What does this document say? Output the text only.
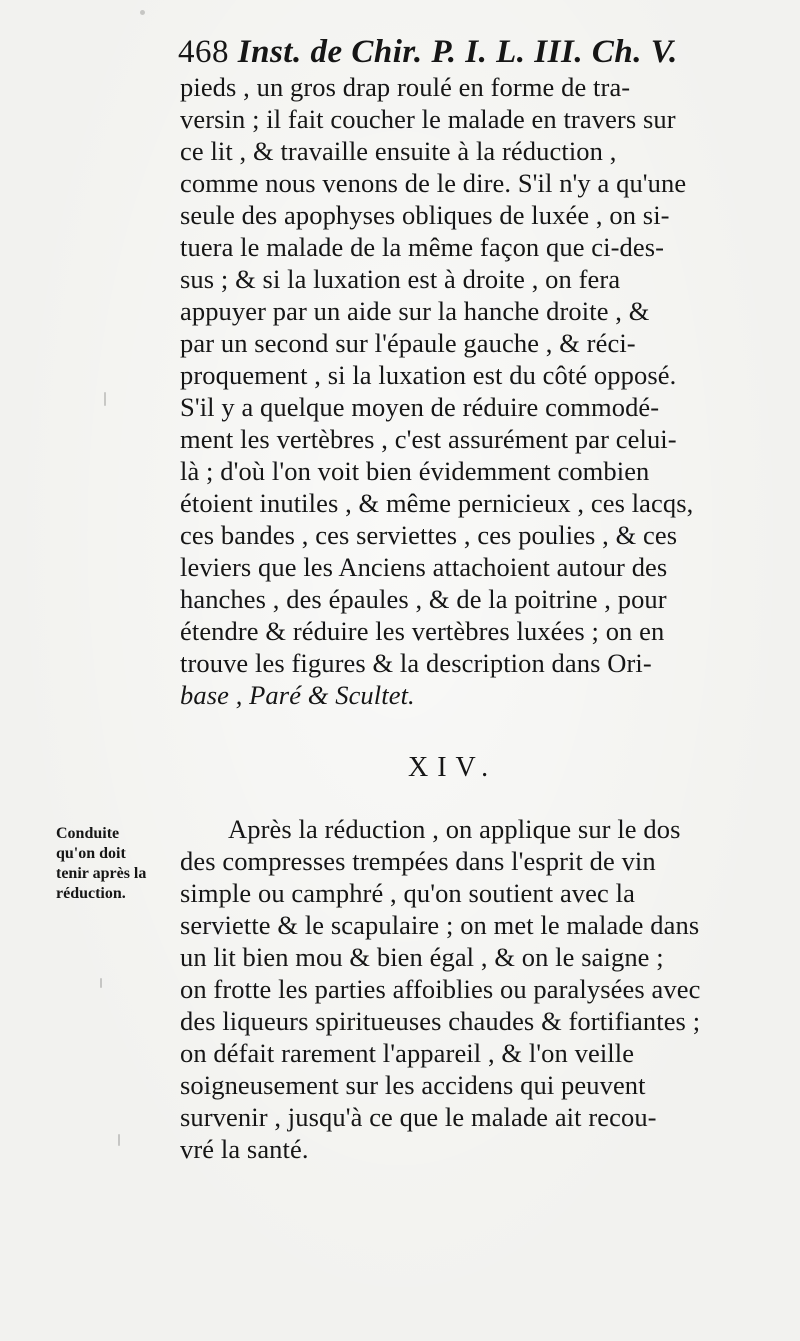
468 Inst. de Chir. P. I. L. III. Ch. V.
pieds , un gros drap roulé en forme de tra-
versin ; il fait coucher le malade en travers sur
ce lit , & travaille ensuite à la réduction ,
comme nous venons de le dire. S'il n'y a qu'une
seule des apophyses obliques de luxée , on si-
tuera le malade de la même façon que ci-des-
sus ; & si la luxation est à droite , on fera
appuyer par un aide sur la hanche droite , &
par un second sur l'épaule gauche , & réci-
proquement , si la luxation est du côté opposé.
S'il y a quelque moyen de réduire commodé-
ment les vertèbres , c'est assurément par celui-
là ; d'où l'on voit bien évidemment combien
étoient inutiles , & même pernicieux , ces lacqs,
ces bandes , ces serviettes , ces poulies , & ces
leviers que les Anciens attachoient autour des
hanches , des épaules , & de la poitrine , pour
étendre & réduire les vertèbres luxées ; on en
trouve les figures & la description dans Ori-
base , Paré & Scultet.
XIV.
Conduite
qu'on doit
tenir après la
réduction.
Après la réduction , on applique sur le dos
des compresses trempées dans l'esprit de vin
simple ou camphré , qu'on soutient avec la
serviette & le scapulaire ; on met le malade dans
un lit bien mou & bien égal , & on le saigne ;
on frotte les parties affoiblies ou paralysées avec
des liqueurs spiritueuses chaudes & fortifiantes ;
on défait rarement l'appareil , & l'on veille
soigneusement sur les accidens qui peuvent
survenir , jusqu'à ce que le malade ait recou-
vré la santé.
